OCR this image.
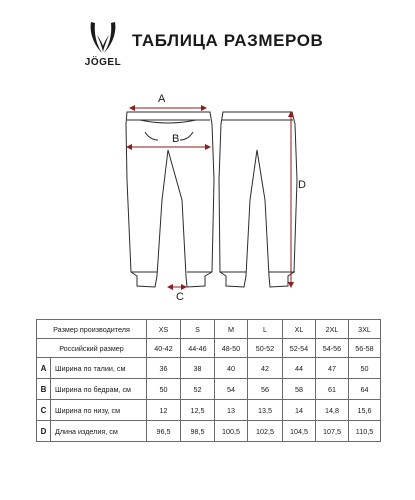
JÖGEL
ТАБЛИЦА РАЗМЕРОВ
A
B
C
D
Размер производителя		XS	S	M	L	XL	2XL	3XL
Российский размер		40-42	44-46	48-50	50-52	52-54	54-56	56-58
A	Ширина по талии, см	36	38	40	42	44	47	50
B	Ширина по бедрам, см	50	52	54	56	58	61	64
C	Ширина по низу, см	12	12,5	13	13,5	14	14,8	15,6
D	Длина изделия, см	96,5	98,5	100,5	102,5	104,5	107,5	110,5
